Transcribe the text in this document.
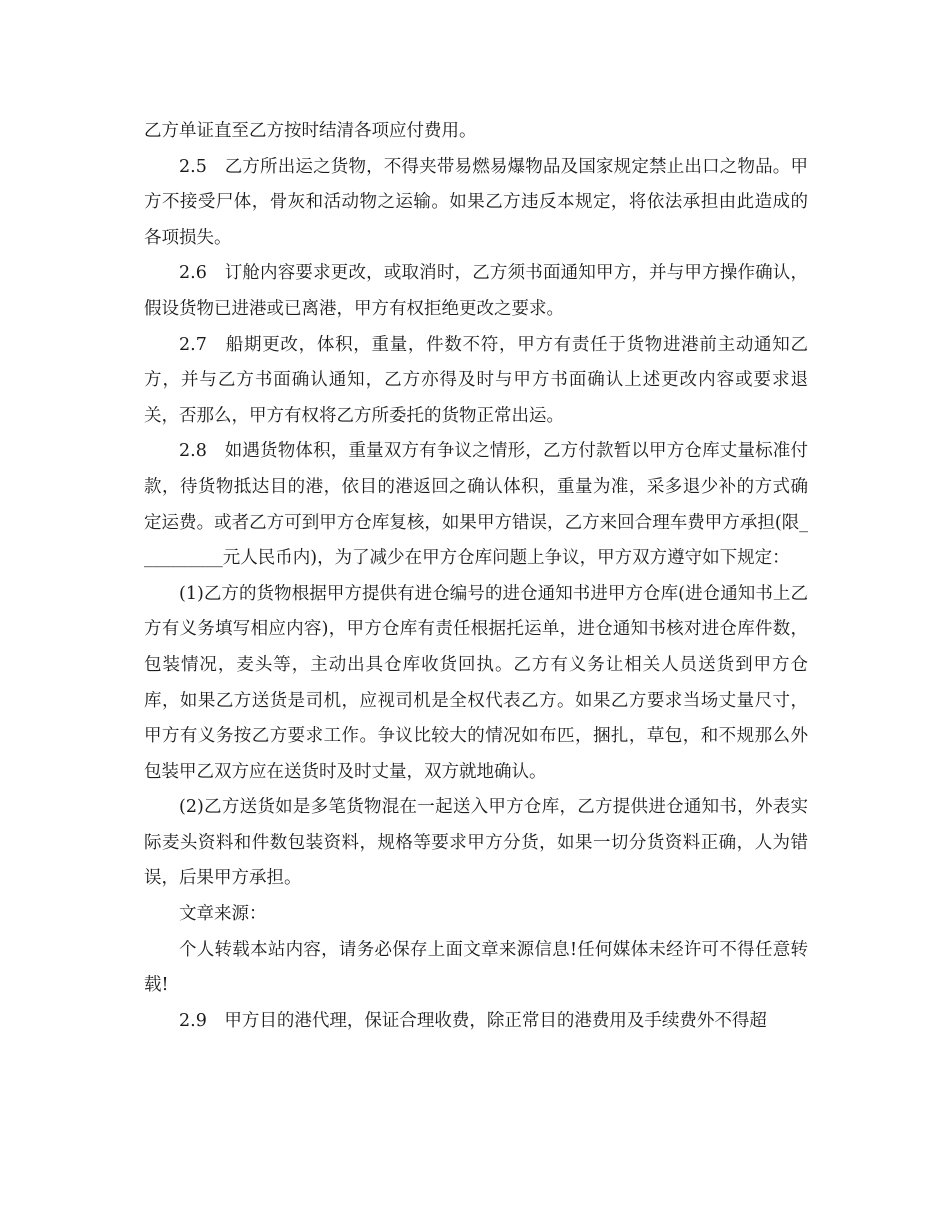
乙方单证直至乙方按时结清各项应付费用。

2.5　乙方所出运之货物，不得夹带易燃易爆物品及国家规定禁止出口之物品。甲方不接受尸体，骨灰和活动物之运输。如果乙方违反本规定，将依法承担由此造成的各项损失。

2.6　订舱内容要求更改，或取消时，乙方须书面通知甲方，并与甲方操作确认，假设货物已进港或已离港，甲方有权拒绝更改之要求。

2.7　船期更改，体积，重量，件数不符，甲方有责任于货物进港前主动通知乙方，并与乙方书面确认通知，乙方亦得及时与甲方书面确认上述更改内容或要求退关，否那么，甲方有权将乙方所委托的货物正常出运。

2.8　如遇货物体积，重量双方有争议之情形，乙方付款暂以甲方仓库丈量标准付款，待货物抵达目的港，依目的港返回之确认体积，重量为准，采多退少补的方式确定运费。或者乙方可到甲方仓库复核，如果甲方错误，乙方来回合理车费甲方承担(限__________元人民币内)，为了减少在甲方仓库问题上争议，甲方双方遵守如下规定：

(1)乙方的货物根据甲方提供有进仓编号的进仓通知书进甲方仓库(进仓通知书上乙方有义务填写相应内容)，甲方仓库有责任根据托运单，进仓通知书核对进仓库件数，包装情况，麦头等，主动出具仓库收货回执。乙方有义务让相关人员送货到甲方仓库，如果乙方送货是司机，应视司机是全权代表乙方。如果乙方要求当场丈量尺寸，甲方有义务按乙方要求工作。争议比较大的情况如布匹，捆扎，草包，和不规那么外包装甲乙双方应在送货时及时丈量，双方就地确认。

(2)乙方送货如是多笔货物混在一起送入甲方仓库，乙方提供进仓通知书，外表实际麦头资料和件数包装资料，规格等要求甲方分货，如果一切分货资料正确，人为错误，后果甲方承担。

文章来源：

个人转载本站内容，请务必保存上面文章来源信息!任何媒体未经许可不得任意转载!

2.9　甲方目的港代理，保证合理收费，除正常目的港费用及手续费外不得超
